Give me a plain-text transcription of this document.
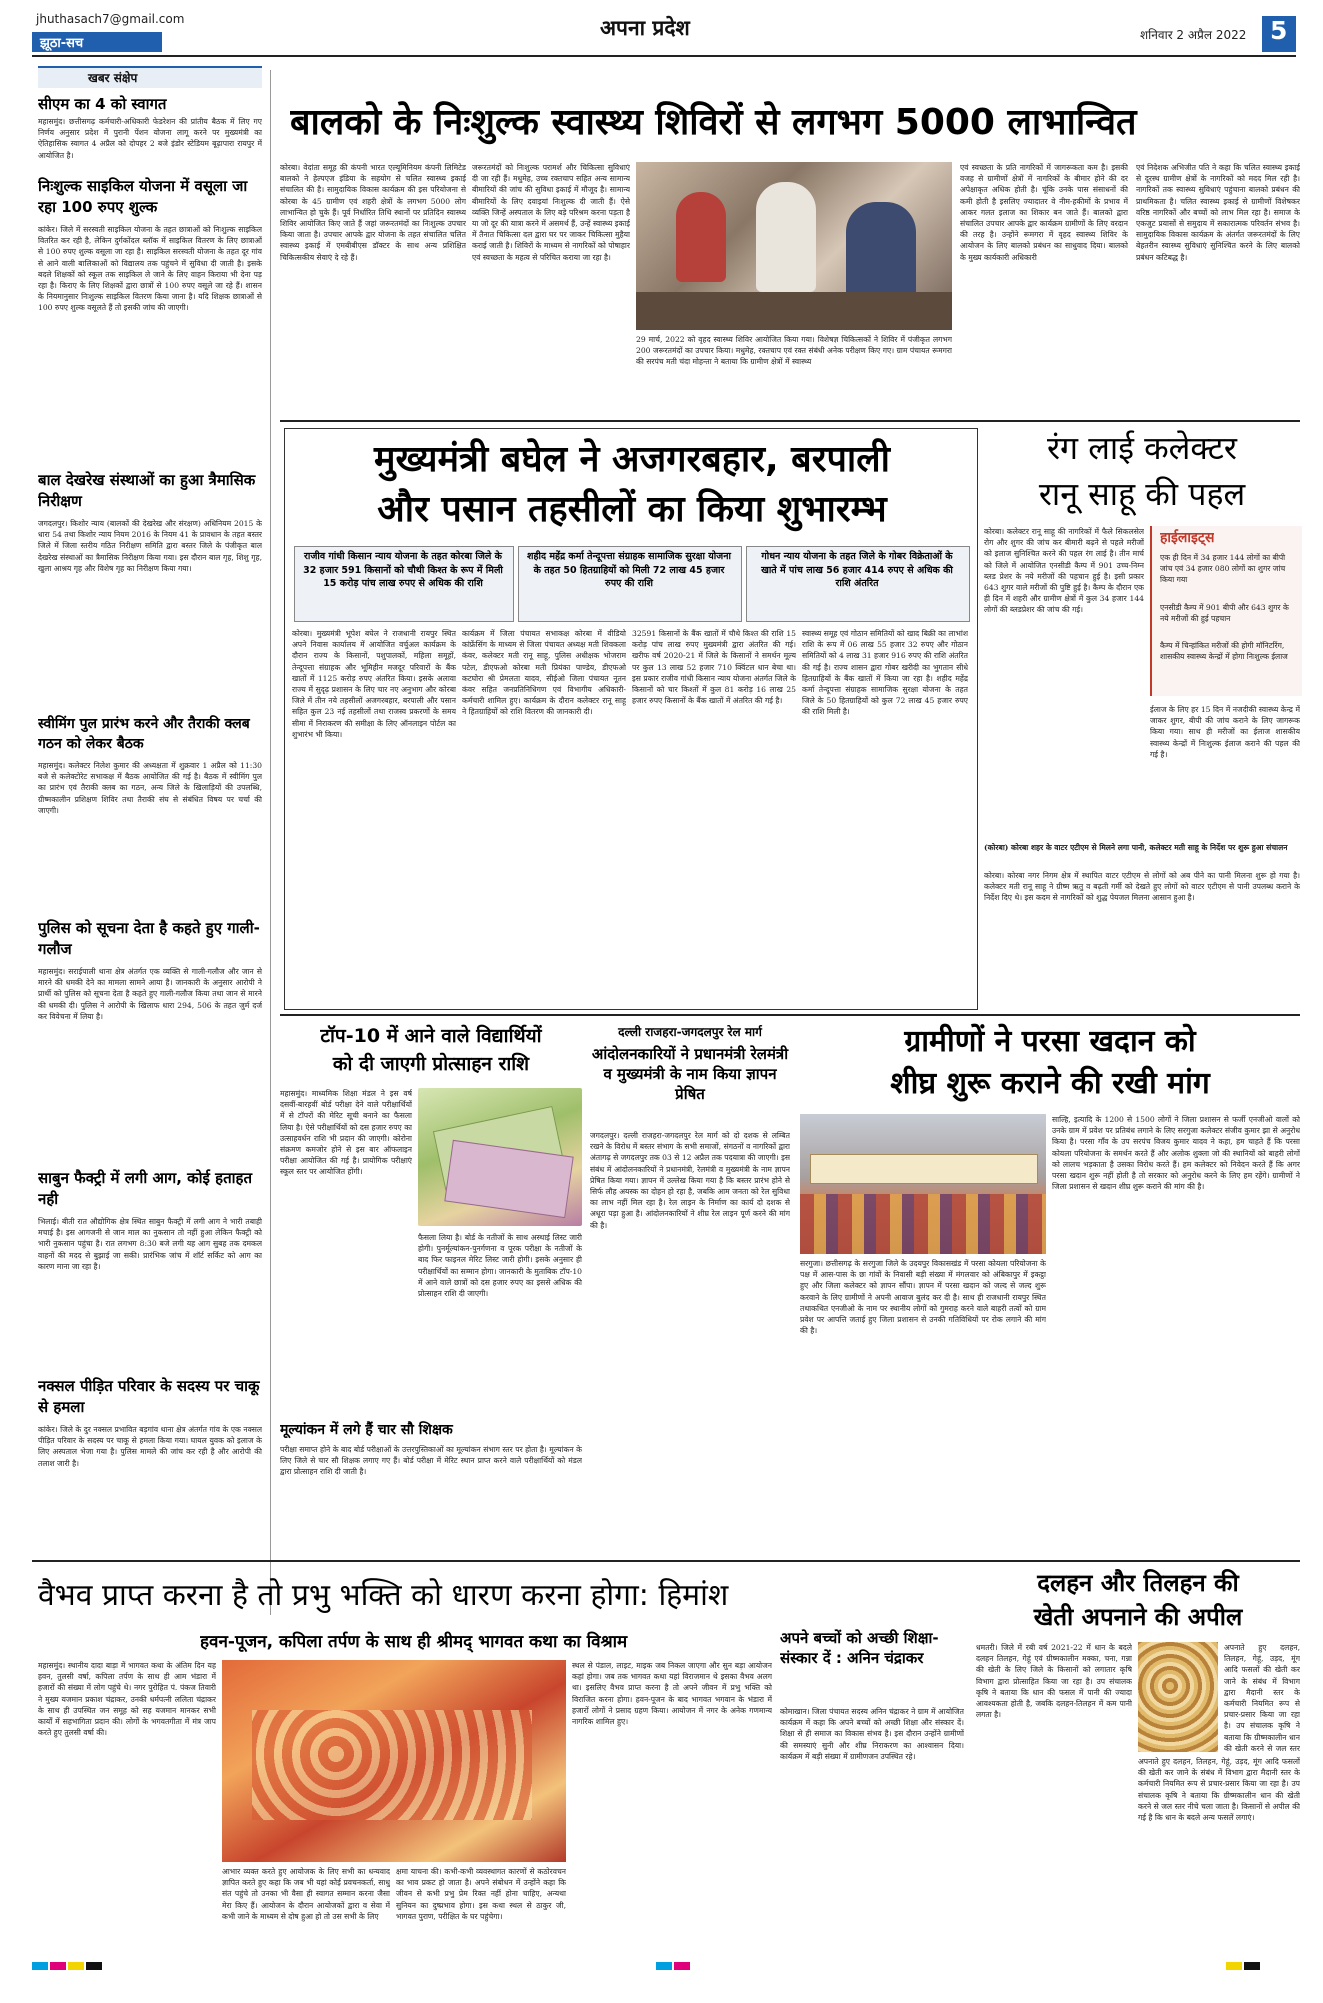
jhuthasach7@gmail.com
झूठा-सच
अपना प्रदेश	शनिवार 2 अप्रैल 2022 5
खबर संक्षेप
सीएम का 4 को स्वागत
महासमुंद। छत्तीसगढ़ कर्मचारी-अधिकारी फेडरेशन की प्रांतीय बैठक में लिए गए निर्णय अनुसार प्रदेश में पुरानी पेंशन योजना लागू करने पर मुख्यमंत्री का ऐतिहासिक स्वागत 4 अप्रैल को दोपहर 2 बजे इंडोर स्टेडियम बूढ़ापारा रायपुर में आयोजित है।
निःशुल्क साइकिल योजना में वसूला जा रहा 100 रुपए शुल्क
कांकेर। जिले में सरस्वती साइकिल योजना के तहत छात्राओं को निःशुल्क साइकिल वितरित कर रही है, लेकिन दुर्गकोंदल ब्लॉक में साइकिल वितरण के लिए छात्राओं से 100 रुपए शुल्क वसूला जा रहा है। साइकिल सरस्वती योजना के तहत दूर गांव से आने वाली बालिकाओं को विद्यालय तक पहुंचने में सुविधा दी जाती है। इसके बदले शिक्षकों को स्कूल तक साइकिल ले जाने के लिए वाहन किराया भी देना पड़ रहा है। किराए के लिए शिक्षकों द्वारा छात्रों से 100 रुपए वसूले जा रहे हैं। शासन के नियमानुसार निःशुल्क साइकिल वितरण किया जाना है। यदि शिक्षक छात्राओं से 100 रुपए शुल्क वसूलते हैं तो इसकी जांच की जाएगी।
बाल देखरेख संस्थाओं का हुआ त्रैमासिक निरीक्षण
जगदलपुर। किशोर न्याय (बालकों की देखरेख और संरक्षण) अधिनियम 2015 के धारा 54 तथा किशोर न्याय नियम 2016 के नियम 41 के प्रावधान के तहत बस्तर जिले में जिला स्तरीय गठित निरीक्षण समिति द्वारा बस्तर जिले के पंजीकृत बाल देखरेख संस्थाओं का त्रैमासिक निरीक्षण किया गया। इस दौरान बाल गृह, शिशु गृह, खुला आश्रय गृह और विशेष गृह का निरीक्षण किया गया।
स्वीमिंग पुल प्रारंभ करने और तैराकी क्लब गठन को लेकर बैठक
महासमुंद। कलेक्टर निलेश कुमार की अध्यक्षता में शुक्रवार 1 अप्रैल को 11:30 बजे से कलेक्टोरेट सभाकक्ष में बैठक आयोजित की गई है। बैठक में स्वीमिंग पुल का प्रारंभ एवं तैराकी क्लब का गठन, अन्य जिले के खिलाड़ियों की उपलब्धि, ग्रीष्मकालीन प्रशिक्षण शिविर तथा तैराकी संघ से संबंधित विषय पर चर्चा की जाएगी।
पुलिस को सूचना देता है कहते हुए गाली-गलौज
महासमुंद। सराईपाली थाना क्षेत्र अंतर्गत एक व्यक्ति से गाली-गलौज और जान से मारने की धमकी देने का मामला सामने आया है। जानकारी के अनुसार आरोपी ने प्रार्थी को पुलिस को सूचना देता है कहते हुए गाली-गलौज किया तथा जान से मारने की धमकी दी। पुलिस ने आरोपी के खिलाफ धारा 294, 506 के तहत जुर्म दर्ज कर विवेचना में लिया है।
साबुन फैक्ट्री में लगी आग, कोई हताहत नही
भिलाई। बीती रात औद्योगिक क्षेत्र स्थित साबुन फैक्ट्री में लगी आग ने भारी तबाही मचाई है। इस आगजनी से जान माल का नुकसान तो नहीं हुआ लेकिन फैक्ट्री को भारी नुकसान पहुंचा है। रात लगभग 8:30 बजे लगी यह आग सुबह तक दमकल वाहनों की मदद से बुझाई जा सकी। प्रारंभिक जांच में शॉर्ट सर्किट को आग का कारण माना जा रहा है।
नक्सल पीड़ित परिवार के सदस्य पर चाकू से हमला
कांकेर। जिले के दुर नक्सल प्रभावित बड़गांव थाना क्षेत्र अंतर्गत गांव के एक नक्सल पीड़ित परिवार के सदस्य पर चाकू से हमला किया गया। घायल युवक को इलाज के लिए अस्पताल भेजा गया है। पुलिस मामले की जांच कर रही है और आरोपी की तलाश जारी है।
बालको के निःशुल्क स्वास्थ्य शिविरों से लगभग 5000 लाभान्वित
कोरबा। वेदांता समूह की कंपनी भारत एल्यूमिनियम कंपनी लिमिटेड बालको ने हेल्पएज इंडिया के सहयोग से चलित स्वास्थ्य इकाई संचालित की है। सामुदायिक विकास कार्यक्रम की इस परियोजना से कोरबा के 45 ग्रामीण एवं शहरी क्षेत्रों के लगभग 5000 लोग लाभान्वित हो चुके हैं। पूर्व निर्धारित तिथि स्थानों पर प्रतिदिन स्वास्थ्य शिविर आयोजित किए जाते हैं जहां जरूरतमंदों का निःशुल्क उपचार किया जाता है। उपचार आपके द्वार योजना के तहत संचालित चलित स्वास्थ्य इकाई में एमबीबीएस डॉक्टर के साथ अन्य प्रशिक्षित चिकित्सकीय सेवाएं दे रहे हैं।
जरूरतमंदों को निःशुल्क परामर्श और चिकित्सा सुविधाएं दी जा रही हैं। मधुमेह, उच्च रक्तचाप सहित अन्य सामान्य बीमारियों की जांच की सुविधा इकाई में मौजूद है। सामान्य बीमारियों के लिए दवाइयां निःशुल्क दी जाती हैं। ऐसे व्यक्ति जिन्हें अस्पताल के लिए बड़े परिश्रम करना पड़ता है या जो दूर की यात्रा करने में असमर्थ हैं, उन्हें स्वास्थ्य इकाई में तैनात चिकित्सा दल द्वारा घर पर जाकर चिकित्सा मुहैया कराई जाती है। शिविरों के माध्यम से नागरिकों को पोषाहार एवं स्वच्छता के महत्व से परिचित कराया जा रहा है।
29 मार्च, 2022 को वृहद स्वास्थ्य शिविर आयोजित किया गया। विशेषज्ञ चिकित्सकों ने शिविर में पंजीकृत लगभग 200 जरूरतमंदों का उपचार किया। मधुमेह, रक्तचाप एवं रक्त संबंधी अनेक परीक्षण किए गए। ग्राम पंचायत रूमगरा की सरपंच मती चंदा मोहन्ता ने बताया कि ग्रामीण क्षेत्रों में स्वास्थ्य
एवं स्वच्छता के प्रति नागरिकों में जागरूकता कम है। इसकी वजह से ग्रामीणों क्षेत्रों में नागरिकों के बीमार होने की दर अपेक्षाकृत अधिक होती है। चूंकि उनके पास संसाधनों की कमी होती है इसलिए ज्यादातर वे नीम-हकीमों के प्रभाव में आकर गलत इलाज का शिकार बन जाते हैं। बालको द्वारा संचालित उपचार आपके द्वार कार्यक्रम ग्रामीणों के लिए वरदान की तरह है। उन्होंने रूमगरा में वृहद स्वास्थ्य शिविर के आयोजन के लिए बालको प्रबंधन का साधुवाद दिया। बालको के मुख्य कार्यकारी अधिकारी
एवं निदेशक अभिजीत पति ने कहा कि चलित स्वास्थ्य इकाई से दूरस्थ ग्रामीण क्षेत्रों के नागरिकों को मदद मिल रही है। नागरिकों तक स्वास्थ्य सुविधाएं पहुंचाना बालको प्रबंधन की प्राथमिकता है। चलित स्वास्थ्य इकाई से ग्रामीणों विशेषकर वरिष्ठ नागरिकों और बच्चों को लाभ मिल रहा है। समाज के एकजुट प्रयासों से समुदाय में सकारात्मक परिवर्तन संभव है। सामुदायिक विकास कार्यक्रम के अंतर्गत जरूरतमंदों के लिए बेहतरीन स्वास्थ्य सुविधाएं सुनिश्चित करने के लिए बालको प्रबंधन कटिबद्ध है।
मुख्यमंत्री बघेल ने अजगरबहार, बरपाली
और पसान तहसीलों का किया शुभारम्भ
राजीव गांधी किसान न्याय योजना के तहत कोरबा जिले के 32 हजार 591 किसानों को चौथी किश्त के रूप में मिली 15 करोड़ पांच लाख रुपए से अधिक की राशि
शहीद महेंद्र कर्मा तेन्दूपत्ता संग्राहक सामाजिक सुरक्षा योजना के तहत 50 हितग्राहियों को मिली 72 लाख 45 हजार रुपए की राशि
गोधन न्याय योजना के तहत जिले के गोबर विक्रेताओं के खाते में पांच लाख 56 हजार 414 रुपए से अधिक की राशि अंतरित
कोरबा। मुख्यमंत्री भूपेश बघेल ने राजधानी रायपुर स्थित अपने निवास कार्यालय में आयोजित वर्चुअल कार्यक्रम के दौरान राज्य के किसानों, पशुपालकों, महिला समूहों, तेन्दूपत्ता संग्राहक और भूमिहीन मजदूर परिवारों के बैंक खातों में 1125 करोड़ रुपए अंतरित किया। इसके अलावा राज्य में सुदृढ़ प्रशासन के लिए चार नए अनुभाग और कोरबा जिले में तीन नये तहसीलों अजगरबहार, बरपाली और पसान सहित कुल 23 नई तहसीलों तथा राजस्व प्रकरणों के समय सीमा में निराकरण की समीक्षा के लिए ऑनलाइन पोर्टल का शुभारंभ भी किया।
कार्यक्रम में जिला पंचायत सभाकक्ष कोरबा में वीडियो कांफ्रेंसिंग के माध्यम से जिला पंचायत अध्यक्ष मती शिवकला कंवर, कलेक्टर मती रानू साहू, पुलिस अधीक्षक भोजराम पटेल, डीएफओ कोरबा मती प्रियंका पाण्डेय, डीएफओ कटघोरा श्री प्रेमलता यादव, सीईओ जिला पंचायत नूतन कंवर सहित जनप्रतिनिधिगण एवं विभागीय अधिकारी-कर्मचारी शामिल हुए। कार्यक्रम के दौरान कलेक्टर रानू साहू ने हितग्राहियों को राशि वितरण की जानकारी दी।
32591 किसानों के बैंक खातों में चौथे किश्त की राशि 15 करोड़ पांच लाख रुपए मुख्यमंत्री द्वारा अंतरित की गई। खरीफ वर्ष 2020-21 में जिले के किसानों ने समर्थन मूल्य पर कुल 13 लाख 52 हजार 710 क्विंटल धान बेचा था। इस प्रकार राजीव गांधी किसान न्याय योजना अंतर्गत जिले के किसानों को चार किश्तों में कुल 81 करोड़ 16 लाख 25 हजार रुपए किसानों के बैंक खातों में अंतरित की गई है।
स्वास्थ्य समूह एवं गोठान समितियों को खाद बिक्री का लाभांश राशि के रूप में 06 लाख 55 हजार 32 रुपए और गोठान समितियों को 4 लाख 31 हजार 916 रुपए की राशि अंतरित की गई है। राज्य शासन द्वारा गोबर खरीदी का भुगतान सीधे हितग्राहियों के बैंक खातों में किया जा रहा है। शहीद महेंद्र कर्मा तेन्दूपत्ता संग्राहक सामाजिक सुरक्षा योजना के तहत जिले के 50 हितग्राहियों को कुल 72 लाख 45 हजार रुपए की राशि मिली है।
रंग लाई कलेक्टर
रानू साहू की पहल
कोरबा। कलेक्टर रानू साहू की नागरिकों में फैले सिकलसेल रोग और शुगर की जांच कर बीमारी बढ़ने से पहले मरीजों को इलाज सुनिश्चित करने की पहल रंग लाई है। तीन मार्च को जिले में आयोजित एनसीडी कैम्प में 901 उच्च-निम्न ब्लड प्रेशर के नये मरीजों की पहचान हुई है। इसी प्रकार 643 शुगर वाले मरीजों की पुष्टि हुई है। कैम्प के दौरान एक ही दिन में शहरी और ग्रामीण क्षेत्रों में कुल 34 हजार 144 लोगों की ब्लडप्रेशर की जांच की गई।
हाईलाइट्स
एक ही दिन में 34 हजार 144 लोगों का बीपी जांच एवं 34 हजार 080 लोगों का शुगर जांच किया गया
एनसीडी कैम्प में 901 बीपी और 643 शुगर के नये मरीजों की हुई पहचान
कैम्प में चिन्हांकित मरीजों की होगी मॉनिटरिंग, शासकीय स्वास्थ्य केन्द्रों में होगा निःशुल्क ईलाज
ईलाज के लिए हर 15 दिन में नजदीकी स्वास्थ्य केन्द्र में जाकर शुगर, बीपी की जांच कराने के लिए जागरूक किया गया। साथ ही मरीजों का ईलाज शासकीय स्वास्थ्य केन्द्रों में निःशुल्क ईलाज कराने की पहल की गई है।
(कोरबा) कोरबा शहर के वाटर एटीएम से मिलने लगा पानी, कलेक्टर मती साहू के निर्देश पर शुरू हुआ संचालन
कोरबा। कोरबा नगर निगम क्षेत्र में स्थापित वाटर एटीएम से लोगों को अब पीने का पानी मिलना शुरू हो गया है। कलेक्टर मती रानू साहू ने ग्रीष्म ऋतु व बढ़ती गर्मी को देखते हुए लोगों को वाटर एटीएम से पानी उपलब्ध कराने के निर्देश दिए थे। इस कदम से नागरिकों को शुद्ध पेयजल मिलना आसान हुआ है।
टॉप-10 में आने वाले विद्यार्थियों
को दी जाएगी प्रोत्साहन राशि
महासमुंद। माध्यमिक शिक्षा मंडल ने इस वर्ष दसवीं-बारहवीं बोर्ड परीक्षा देने वाले परीक्षार्थियों में से टॉपरों की मेरिट सूची बनाने का फैसला लिया है। ऐसे परीक्षार्थियों को दस हजार रुपए का उत्साहवर्धन राशि भी प्रदान की जाएगी। कोरोना संक्रमण कमजोर होने से इस बार ऑफलाइन परीक्षा आयोजित की गई है। प्रायोगिक परीक्षाएं स्कूल स्तर पर आयोजित होंगी।
फैसला लिया है। बोर्ड के नतीजों के साथ अस्थाई लिस्ट जारी होगी। पुनर्मूल्यांकन-पुनर्गणना व पूरक परीक्षा के नतीजों के बाद फिर फाइनल मेरिट लिस्ट जारी होगी। इसके अनुसार ही परीक्षार्थियों का सम्मान होगा। जानकारी के मुताबिक टॉप-10 में आने वाले छात्रों को दस हजार रुपए का इससे अधिक की प्रोत्साहन राशि दी जाएगी।
मूल्यांकन में लगे हैं चार सौ शिक्षक
परीक्षा समाप्त होने के बाद बोर्ड परीक्षाओं के उत्तरपुस्तिकाओं का मूल्यांकन संभाग स्तर पर होता है। मूल्यांकन के लिए जिले से चार सौ शिक्षक लगाए गए हैं। बोर्ड परीक्षा में मेरिट स्थान प्राप्त करने वाले परीक्षार्थियों को मंडल द्वारा प्रोत्साहन राशि दी जाती है।
दल्ली राजहरा-जगदलपुर रेल मार्ग
आंदोलनकारियों ने प्रधानमंत्री रेलमंत्री व मुख्यमंत्री के नाम किया ज्ञापन प्रेषित
जगदलपुर। दल्ली राजहरा-जगदलपुर रेल मार्ग को दो दशक से लम्बित रखने के विरोध में बस्तर संभाग के सभी समाजों, संगठनों व नागरिकों द्वारा अंतागढ़ से जगदलपुर तक 03 से 12 अप्रैल तक पदयात्रा की जाएगी। इस संबंध में आंदोलनकारियों ने प्रधानमंत्री, रेलमंत्री व मुख्यमंत्री के नाम ज्ञापन प्रेषित किया गया। ज्ञापन में उल्लेख किया गया है कि बस्तर प्रारंभ होने से सिर्फ लौह अयस्क का दोहन हो रहा है, जबकि आम जनता को रेल सुविधा का लाभ नहीं मिल रहा है। रेल लाइन के निर्माण का कार्य दो दशक से अधूरा पड़ा हुआ है। आंदोलनकारियों ने शीघ्र रेल लाइन पूर्ण करने की मांग की है।
ग्रामीणों ने परसा खदान को
शीघ्र शुरू कराने की रखी मांग
सरगुजा। छत्तीसगढ़ के सरगुजा जिले के उदयपुर विकासखंड में परसा कोयला परियोजना के पक्ष में आस-पास के छः गांवों के निवासी बड़ी संख्या में मंगलवार को अंबिकापुर में इकट्ठा हुए और जिला कलेक्टर को ज्ञापन सौंपा। ज्ञापन में परसा खदान को जल्द से जल्द शुरू करवाने के लिए ग्रामीणों ने अपनी आवाज बुलंद कर दी है। साथ ही राजधानी रायपुर स्थित तथाकथित एनजीओ के नाम पर स्थानीय लोगों को गुमराह करने वाले बाहरी तत्वों को ग्राम प्रवेश पर आपत्ति जताई हुए जिला प्रशासन से उनकी गतिविधियों पर रोक लगाने की मांग की है।
साल्हि, इत्यादि के 1200 से 1500 लोगों ने जिला प्रशासन से फर्जी एनजीओ वालों को उनके ग्राम में प्रवेश पर प्रतिबंध लगाने के लिए सरगुजा कलेक्टर संजीव कुमार झा से अनुरोध किया है। परसा गाँव के उप सरपंच विजय कुमार यादव ने कहा, हम चाहते हैं कि परसा कोयला परियोजना के समर्थन करते हैं और अलोक शुक्ला जो की स्थानियों को बाहरी लोगों को लालच भड़काता है उसका विरोध करते हैं। हम कलेक्टर को निवेदन करते हैं कि अगर परसा खदान शुरू नहीं होती है तो सरकार को अनुरोध करने के लिए हम रहेंगे। ग्रामीणों ने जिला प्रशासन से खदान शीघ्र शुरू कराने की मांग की है।
वैभव प्राप्त करना है तो प्रभु भक्ति को धारण करना होगा: हिमांश
हवन-पूजन, कपिला तर्पण के साथ ही श्रीमद् भागवत कथा का विश्राम
महासमुंद। स्थानीय दादा बाड़ा में भागवत कथा के अंतिम दिन यह हवन, तुलसी वर्षा, कपिला तर्पण के साथ ही आम भंडारा में हजारों की संख्या में लोग पहुंचे थे। नगर पुरोहित पं. पंकज तिवारी ने मुख्य यजमान प्रकाश चंद्राकर, उनकी धर्मपत्नी ललिता चंद्राकर के साथ ही उपस्थित जन समूह को सह यजमान मानकर सभी कार्यों में सहभागिता प्रदान की। लोगों के भगवतगीता में मंत्र जाप करते हुए तुलसी वर्षा की।
आभार व्यक्त करते हुए आयोजक के लिए सभी का धन्यवाद ज्ञापित करते हुए कहा कि जब भी यहां कोई प्रवचनकर्ता, साधु संत पहुंचे तो उनका भी वैसा ही स्वागत सम्मान करना जैसा मेरा किए हैं। आयोजन के दौरान आयोजकों द्वारा व सेवा में कभी जाने के माध्यम से दोष हुआ हो तो उस सभी के लिए
क्षमा याचना की। कभी-कभी व्यवस्थागत कारणों से कठोरवचन का भाव प्रकट हो जाता है। अपने संबोधन में उन्होंने कहा कि जीवन से कभी प्रभु प्रेम रिक्त नहीं होना चाहिए, अन्यथा सुनियन का दुष्प्रभाव होगा। इस कथा स्थल से ठाकुर जी, भागवत पुराण, परीक्षित के घर पहुंचेगा।
स्थल से पंडाल, लाइट, माइक जब निकल जाएगा और सुन बड़ा आयोजन कहां होगा। जब तक भागवत कथा यहां विराजमान थे इसका वैभव अलग था। इसलिए वैभव प्राप्त करना है तो अपने जीवन में प्रभु भक्ति को विराजित करना होगा। हवन-पूजन के बाद भागवत भगवान के भंडारा में हजारों लोगों ने प्रसाद ग्रहण किया। आयोजन में नगर के अनेक गणमान्य नागरिक शामिल हुए।
अपने बच्चों को अच्छी शिक्षा-संस्कार दें : अनिन चंद्राकर
कोमाखान। जिला पंचायत सदस्य अनिन चंद्राकर ने ग्राम में आयोजित कार्यक्रम में कहा कि अपने बच्चों को अच्छी शिक्षा और संस्कार दें। शिक्षा से ही समाज का विकास संभव है। इस दौरान उन्होंने ग्रामीणों की समस्याएं सुनी और शीघ्र निराकरण का आश्वासन दिया। कार्यक्रम में बड़ी संख्या में ग्रामीणजन उपस्थित रहे।
दलहन और तिलहन की
खेती अपनाने की अपील
धमतरी। जिले में रबी वर्ष 2021-22 में धान के बदले दलहन तिलहन, गेहूं एवं ग्रीष्मकालीन मक्का, चना, गन्ना की खेती के लिए जिले के किसानों को लगातार कृषि विभाग द्वारा प्रोत्साहित किया जा रहा है। उप संचालक कृषि ने बताया कि धान की फसल में पानी की ज्यादा आवश्यकता होती है, जबकि दलहन-तिलहन में कम पानी लगता है।
अपनाते हुए दलहन, तिलहन, गेहूं, उड़द, मूंग आदि फसलों की खेती कर जाने के संबंध में विभाग द्वारा मैदानी स्तर के कर्मचारी नियमित रूप से प्रचार-प्रसार किया जा रहा है। उप संचालक कृषि ने बताया कि ग्रीष्मकालीन धान की खेती करने से जल स्तर
अपनाते हुए दलहन, तिलहन, गेहूं, उड़द, मूंग आदि फसलों की खेती कर जाने के संबंध में विभाग द्वारा मैदानी स्तर के कर्मचारी नियमित रूप से प्रचार-प्रसार किया जा रहा है। उप संचालक कृषि ने बताया कि ग्रीष्मकालीन धान की खेती करने से जल स्तर नीचे चला जाता है। किसानों से अपील की गई है कि धान के बदले अन्य फसलें लगाएं।
